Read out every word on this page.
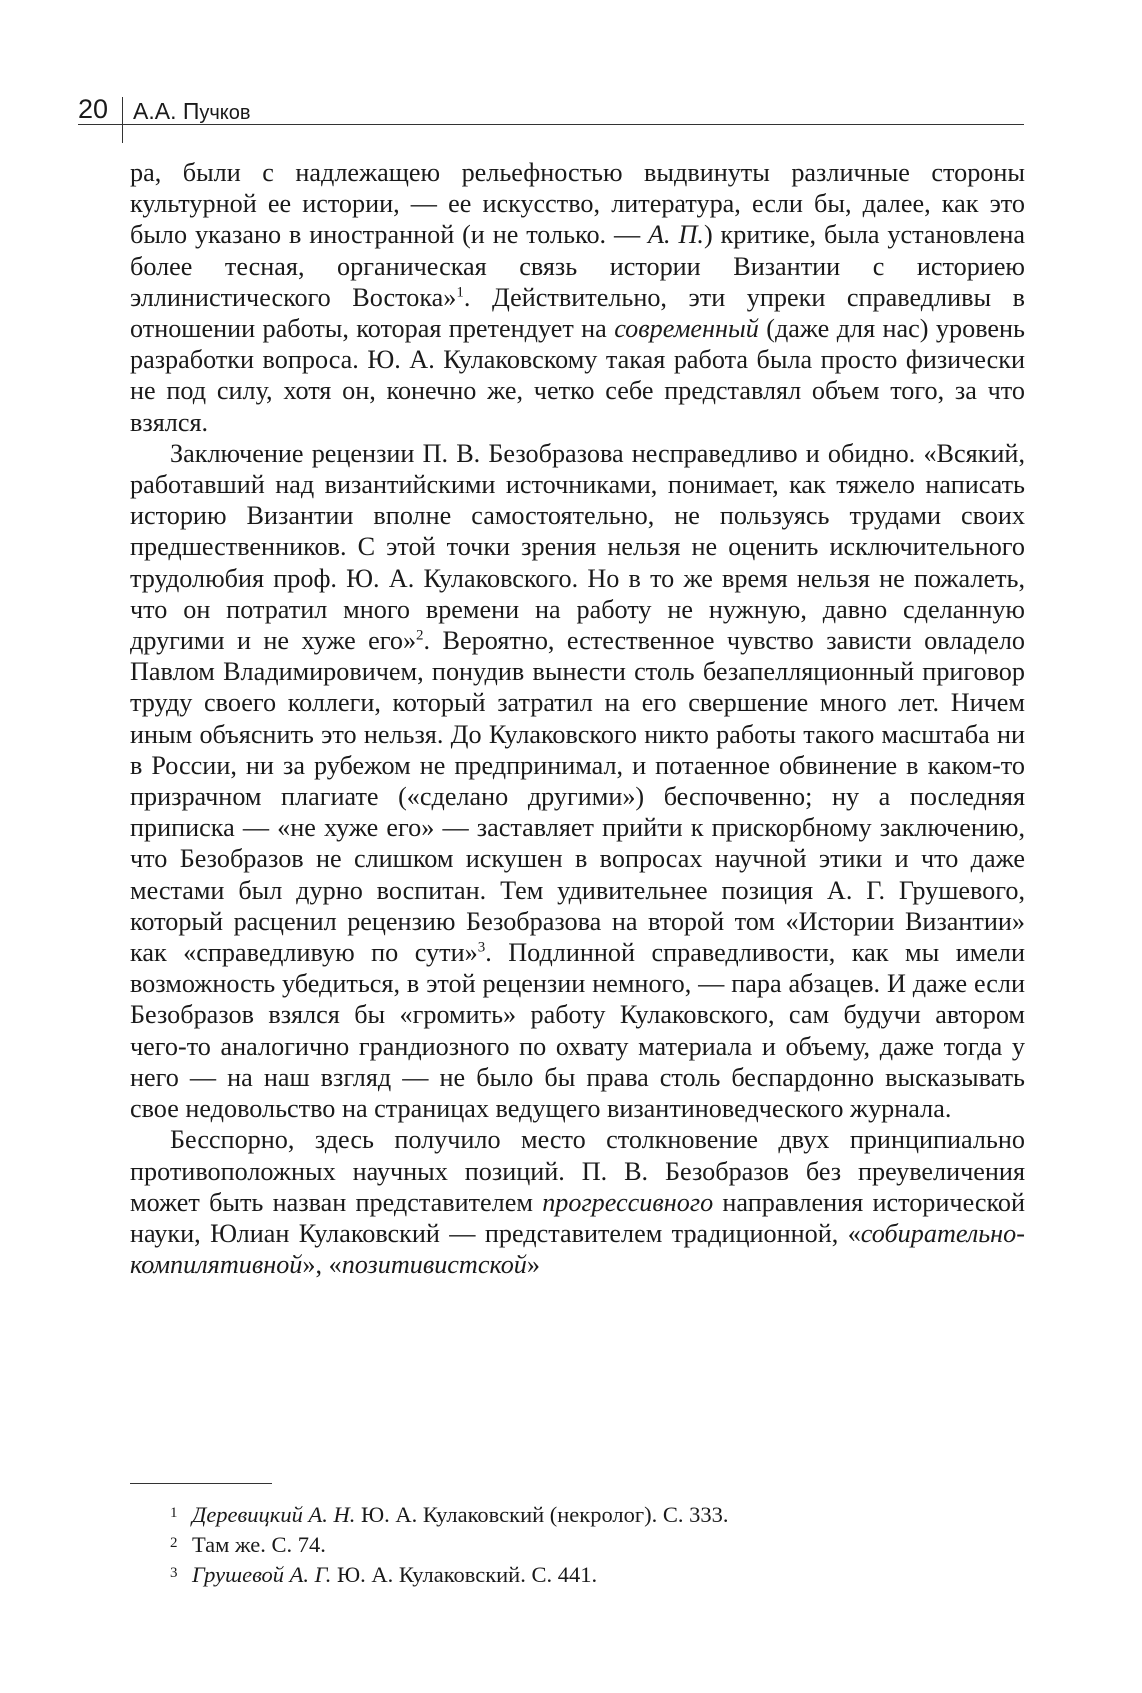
20 А.А. Пучков

ра, были с надлежащею рельефностью выдвинуты различные стороны культурной ее истории, — ее искусство, литература, если бы, далее, как это было указано в иностранной (и не только. — А. П.) критике, была установлена более тесная, органическая связь истории Византии с историею эллинистического Востока»$^1$. Действительно, эти упреки справедливы в отношении работы, которая претендует на современный (даже для нас) уровень разработки вопроса. Ю. А. Кулаковскому такая работа была просто физически не под силу, хотя он, конечно же, четко себе представлял объем того, за что взялся.

Заключение рецензии П. В. Безобразова несправедливо и обидно. «Всякий, работавший над византийскими источниками, понимает, как тяжело написать историю Византии вполне самостоятельно, не пользуясь трудами своих предшественников. С этой точки зрения нельзя не оценить исключительного трудолюбия проф. Ю. А. Кулаковского. Но в то же время нельзя не пожалеть, что он потратил много времени на работу не нужную, давно сделанную другими и не хуже его»$^2$. Вероятно, естественное чувство зависти овладело Павлом Владимировичем, понудив вынести столь безапелляционный приговор труду своего коллеги, который затратил на его свершение много лет. Ничем иным объяснить это нельзя. До Кулаковского никто работы такого масштаба ни в России, ни за рубежом не предпринимал, и потаенное обвинение в каком-то призрачном плагиате («сделано другими») беспочвенно; ну а последняя приписка — «не хуже его» — заставляет прийти к прискорбному заключению, что Безобразов не слишком искушен в вопросах научной этики и что даже местами был дурно воспитан. Тем удивительнее позиция А. Г. Грушевого, который расценил рецензию Безобразова на второй том «Истории Византии» как «справедливую по сути»$^3$. Подлинной справедливости, как мы имели возможность убедиться, в этой рецензии немного, — пара абзацев. И даже если Безобразов взялся бы «громить» работу Кулаковского, сам будучи автором чего-то аналогично грандиозного по охвату материала и объему, даже тогда у него — на наш взгляд — не было бы права столь беспардонно высказывать свое недовольство на страницах ведущего византиноведческого журнала.

Бесспорно, здесь получило место столкновение двух принципиально противоположных научных позиций. П. В. Безобразов без преувеличения может быть назван представителем прогрессивного направления исторической науки, Юлиан Кулаковский — представителем традиционной, «собирательно-компилятивной», «позитивистской»

1 Деревицкий А. Н. Ю. А. Кулаковский (некролог). С. 333.

2 Там же. С. 74.

3 Грушевой А. Г. Ю. А. Кулаковский. С. 441.
